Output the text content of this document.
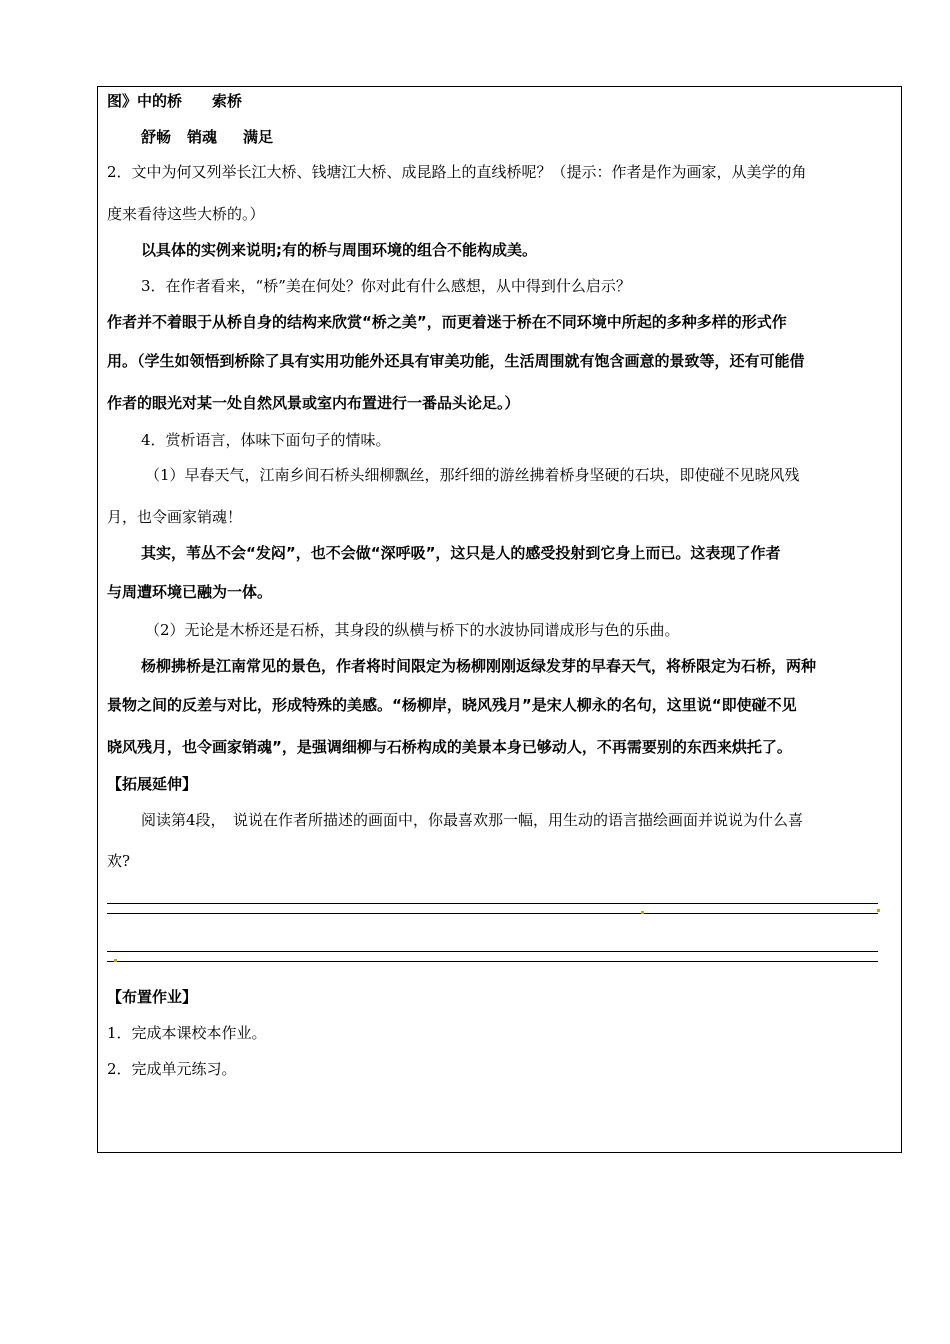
图》中的桥 索桥
舒畅 销魂 满足
2．文中为何又列举长江大桥、钱塘江大桥、成昆路上的直线桥呢？（提示：作者是作为画家，从美学的角
度来看待这些大桥的。）
以具体的实例来说明;有的桥与周围环境的组合不能构成美。
3．在作者看来，“桥”美在何处？你对此有什么感想，从中得到什么启示？
作者并不着眼于从桥自身的结构来欣赏“桥之美”，而更着迷于桥在不同环境中所起的多种多样的形式作
用。（学生如领悟到桥除了具有实用功能外还具有审美功能，生活周围就有饱含画意的景致等，还有可能借
作者的眼光对某一处自然风景或室内布置进行一番品头论足。）
4．赏析语言，体味下面句子的情味。
（1）早春天气，江南乡间石桥头细柳飘丝，那纤细的游丝拂着桥身坚硬的石块，即使碰不见晓风残
月，也令画家销魂！
其实，苇丛不会“发闷”，也不会做“深呼吸”，这只是人的感受投射到它身上而已。这表现了作者
与周遭环境已融为一体。
（2）无论是木桥还是石桥，其身段的纵横与桥下的水波协同谱成形与色的乐曲。
杨柳拂桥是江南常见的景色，作者将时间限定为杨柳刚刚返绿发芽的早春天气，将桥限定为石桥，两种
景物之间的反差与对比，形成特殊的美感。“杨柳岸，晓风残月”是宋人柳永的名句，这里说“即使碰不见
晓风残月，也令画家销魂”，是强调细柳与石桥构成的美景本身已够动人，不再需要别的东西来烘托了。
【拓展延伸】
阅读第4段，　说说在作者所描述的画面中，你最喜欢那一幅，用生动的语言描绘画面并说说为什么喜
欢?
【布置作业】
1．完成本课校本作业。
2．完成单元练习。
